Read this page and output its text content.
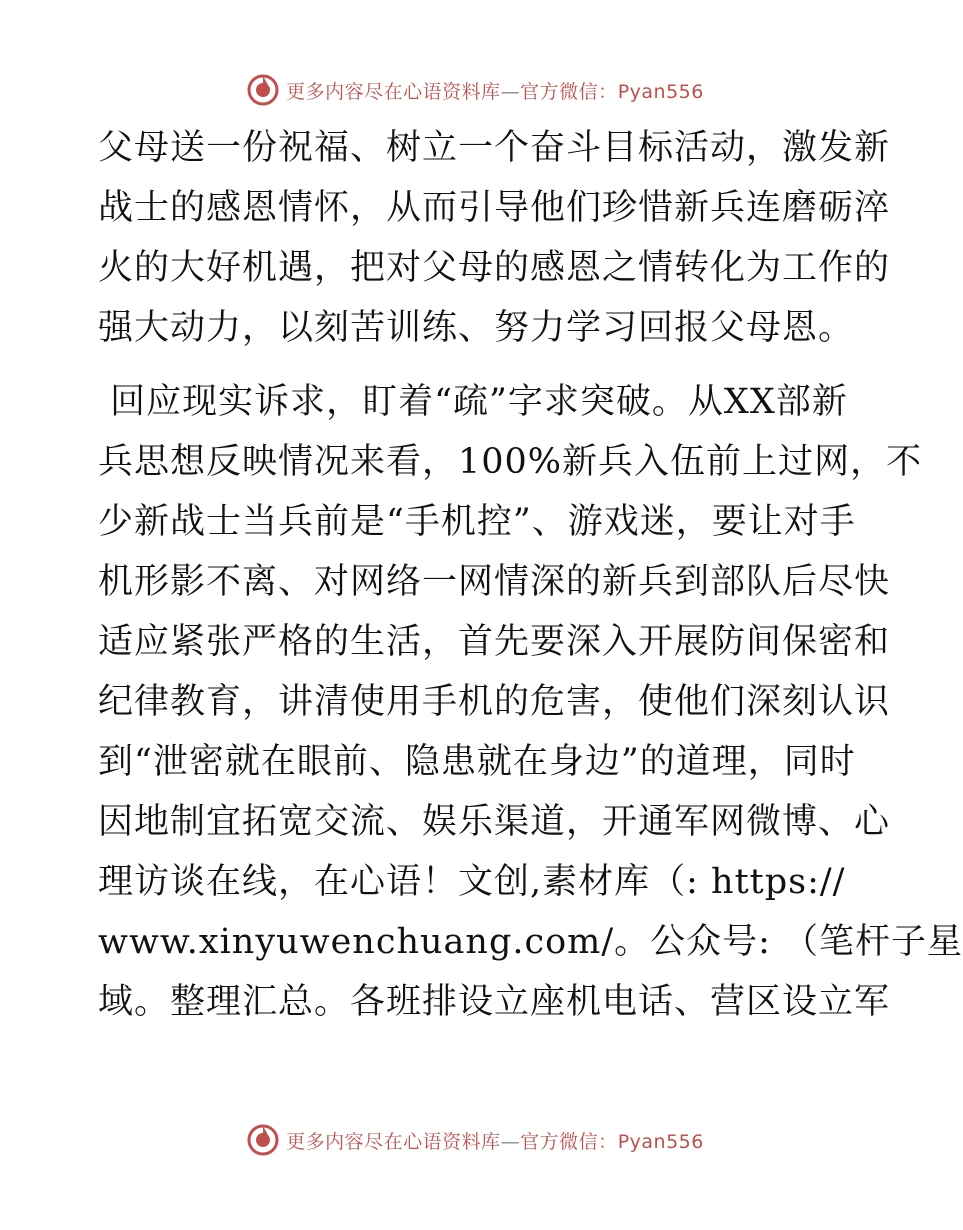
更多内容尽在心语资料库—官方微信：Pyan556

父母送一份祝福、树立一个奋斗目标活动，激发新
战士的感恩情怀，从而引导他们珍惜新兵连磨砺淬
火的大好机遇，把对父母的感恩之情转化为工作的
强大动力，以刻苦训练、努力学习回报父母恩。

回应现实诉求，盯着“疏”字求突破。从XX部新
兵思想反映情况来看，100%新兵入伍前上过网，不
少新战士当兵前是“手机控”、游戏迷，要让对手
机形影不离、对网络一网情深的新兵到部队后尽快
适应紧张严格的生活，首先要深入开展防间保密和
纪律教育，讲清使用手机的危害，使他们深刻认识
到“泄密就在眼前、隐患就在身边”的道理，同时
因地制宜拓宽交流、娱乐渠道，开通军网微博、心
理访谈在线，在心语！文创,素材库（: https://
www.xinyuwenchuang.com/。公众号: （笔杆子星
域。整理汇总。各班排设立座机电话、营区设立军

更多内容尽在心语资料库—官方微信：Pyan556
